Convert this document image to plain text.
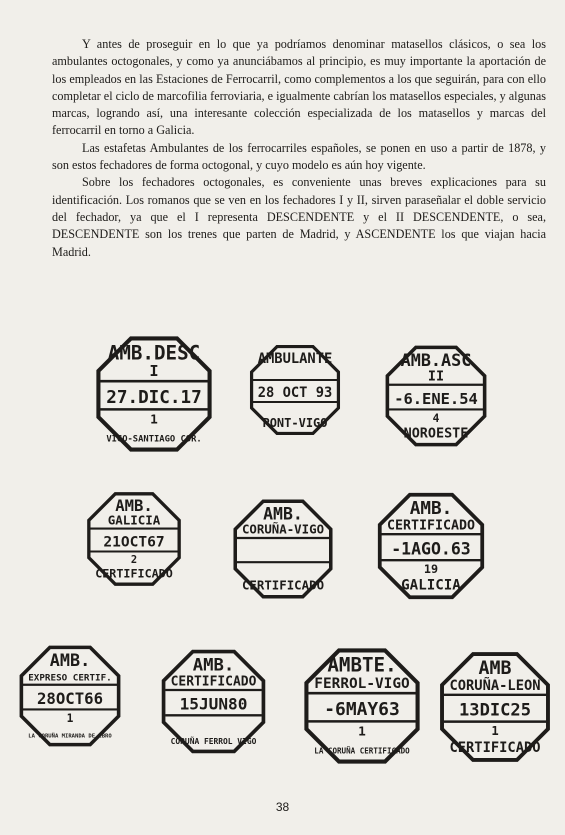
Y antes de proseguir en lo que ya podríamos denominar matasellos clásicos, o sea los ambulantes octogonales, y como ya anunciábamos al principio, es muy importante la aportación de los empleados en las Estaciones de Ferrocarril, como complementos a los que seguirán, para con ello completar el ciclo de marcofilia ferroviaria, e igualmente cabrían los matasellos especiales, y algunas marcas, logrando así, una interesante colección especializada de los matasellos y marcas del ferrocarril en torno a Galicia.

Las estafetas Ambulantes de los ferrocarriles españoles, se ponen en uso a partir de 1878, y son estos fechadores de forma octogonal, y cuyo modelo es aún hoy vigente.

Sobre los fechadores octogonales, es conveniente unas breves explicaciones para su identificación. Los romanos que se ven en los fechadores I y II, sirven paraseñalar el doble servicio del fechador, ya que el I representa DESCENDENTE y el II DESCENDENTE, o sea, DESCENDENTE son los trenes que parten de Madrid, y ASCENDENTE los que viajan hacia Madrid.

AMB.DESC
I
27.DIC.17
1
VIGO-SANTIAGO COR.
AMBULANTE
28 OCT 93
PONT-VIGO
AMB.ASC
II
-6.ENE.54
4
NOROESTE
AMB.
GALICIA
21OCT67
2
CERTIFICADO
AMB.
CORUÑA-VIGO
CERTIFICADO
AMB.
CERTIFICADO
-1AGO.63
19
GALICIA
AMB.
EXPRESO CERTIF.
28OCT66
1
LA CORUÑA MIRANDA DE EBRO
AMB.
CERTIFICADO
15JUN80
CORUÑA FERROL VIGO
AMBTE.
FERROL-VIGO
-6MAY63
1
LA CORUÑA CERTIFICADO
AMB
CORUÑA-LEON
13DIC25
1
CERTIFICADO
38
